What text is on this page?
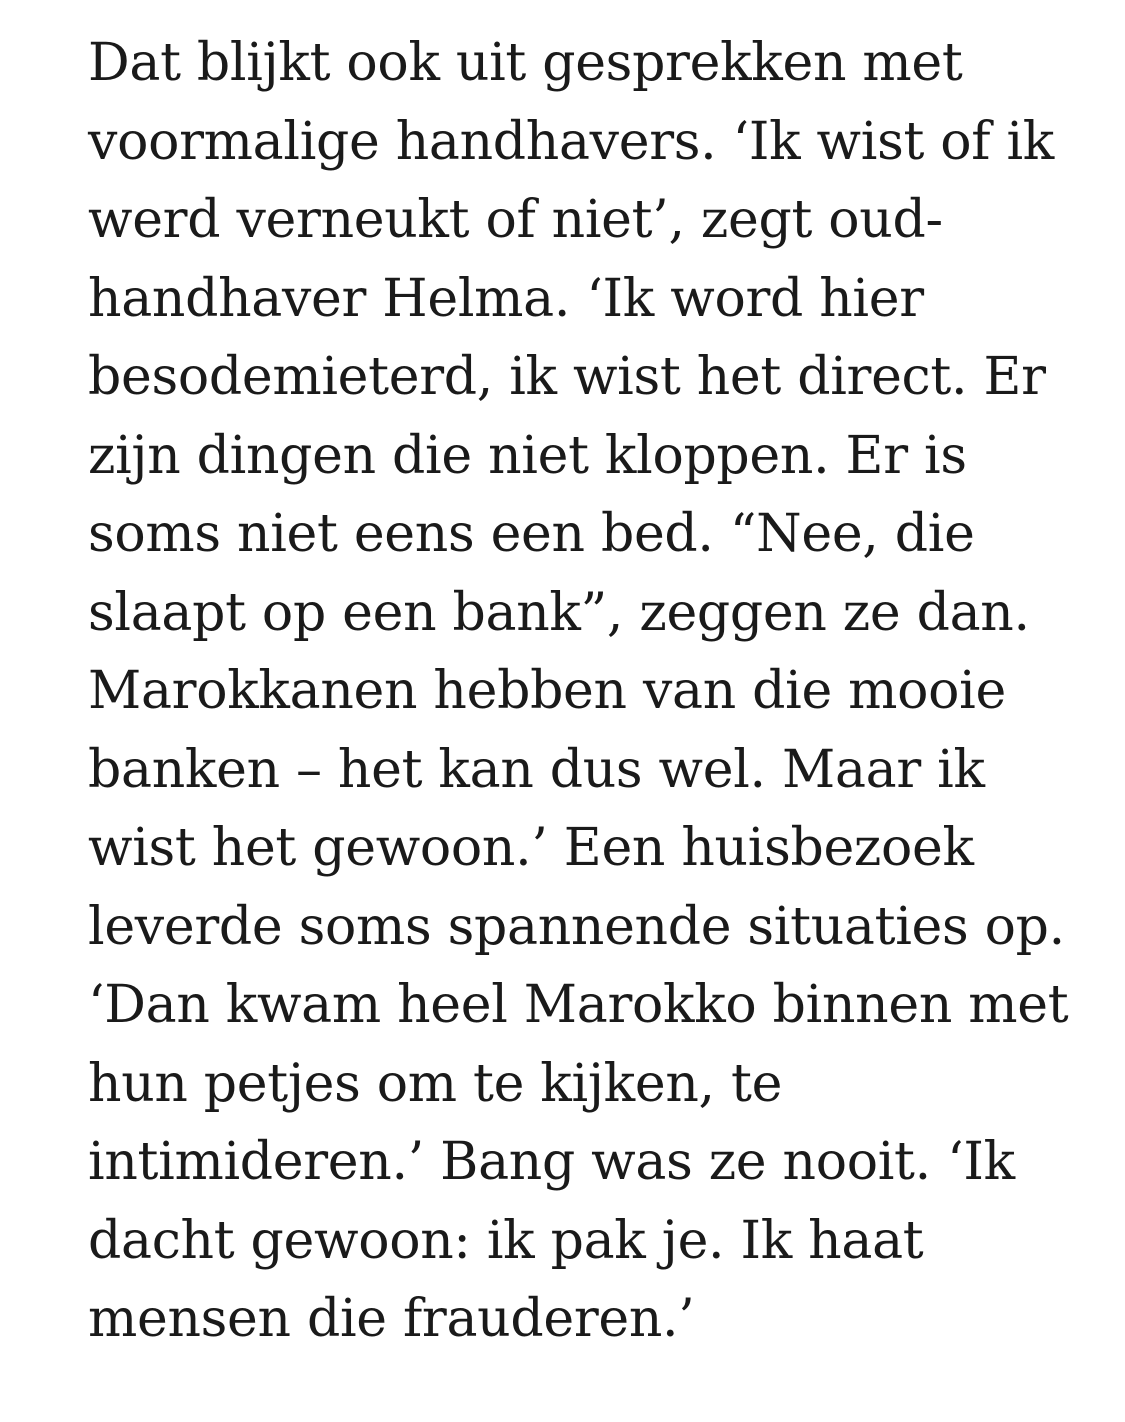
Dat blijkt ook uit gesprekken met
voormalige handhavers. ‘Ik wist of ik
werd verneukt of niet’, zegt oud-
handhaver Helma. ‘Ik word hier
besodemieterd, ik wist het direct. Er
zijn dingen die niet kloppen. Er is
soms niet eens een bed. “Nee, die
slaapt op een bank”, zeggen ze dan.
Marokkanen hebben van die mooie
banken – het kan dus wel. Maar ik
wist het gewoon.’ Een huisbezoek
leverde soms spannende situaties op.
‘Dan kwam heel Marokko binnen met
hun petjes om te kijken, te
intimideren.’ Bang was ze nooit. ‘Ik
dacht gewoon: ik pak je. Ik haat
mensen die frauderen.’
